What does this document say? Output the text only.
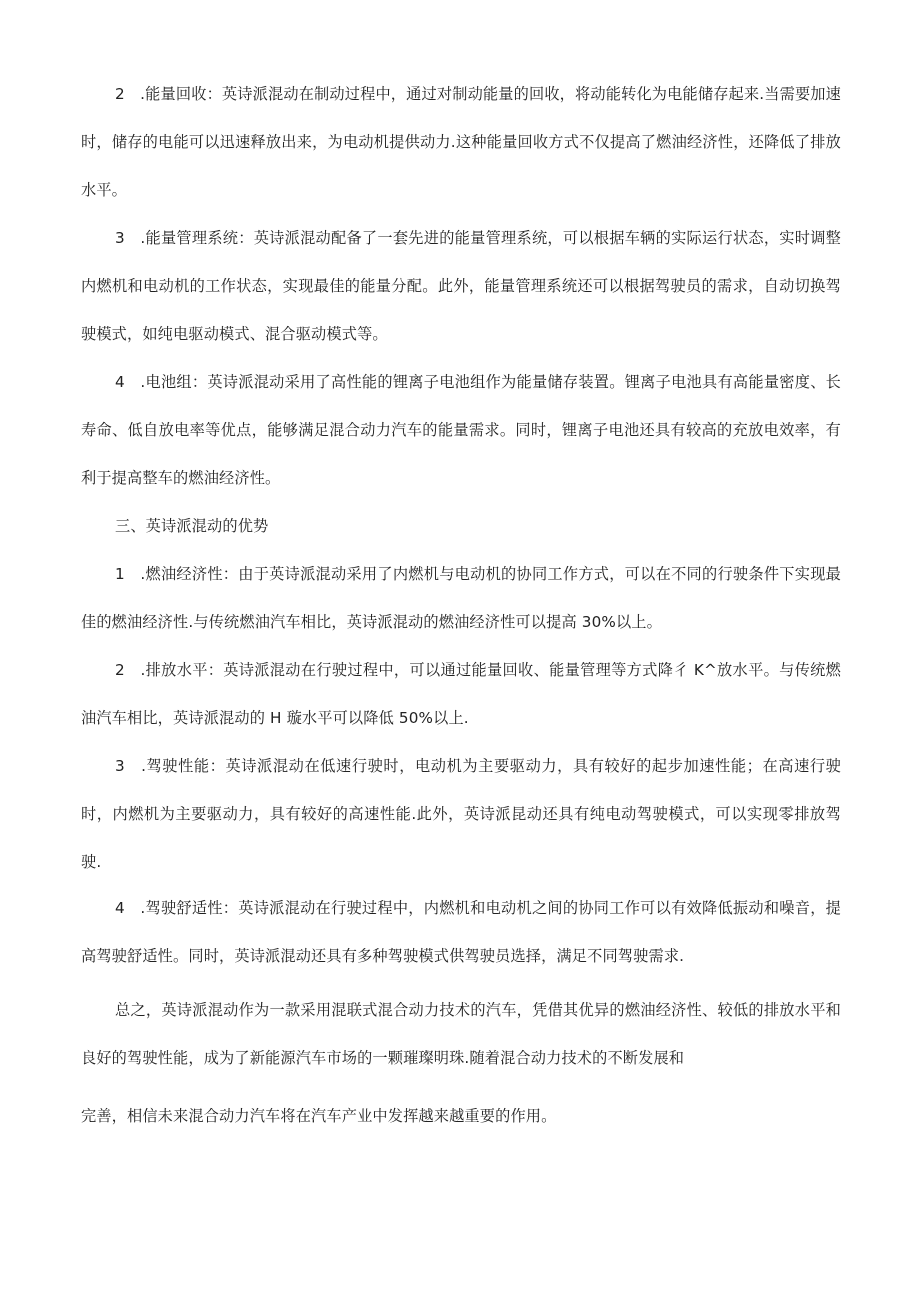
2　.能量回收：英诗派混动在制动过程中，通过对制动能量的回收，将动能转化为电能储存起来.当需要加速时，储存的电能可以迅速释放出来，为电动机提供动力.这种能量回收方式不仅提高了燃油经济性，还降低了排放水平。

3　.能量管理系统：英诗派混动配备了一套先进的能量管理系统，可以根据车辆的实际运行状态，实时调整内燃机和电动机的工作状态，实现最佳的能量分配。此外，能量管理系统还可以根据驾驶员的需求，自动切换驾驶模式，如纯电驱动模式、混合驱动模式等。

4　.电池组：英诗派混动采用了高性能的锂离子电池组作为能量储存装置。锂离子电池具有高能量密度、长寿命、低自放电率等优点，能够满足混合动力汽车的能量需求。同时，锂离子电池还具有较高的充放电效率，有利于提高整车的燃油经济性。

三、英诗派混动的优势

1　.燃油经济性：由于英诗派混动采用了内燃机与电动机的协同工作方式，可以在不同的行驶条件下实现最佳的燃油经济性.与传统燃油汽车相比，英诗派混动的燃油经济性可以提高 30%以上。

2　.排放水平：英诗派混动在行驶过程中，可以通过能量回收、能量管理等方式降彳 K^放水平。与传统燃油汽车相比，英诗派混动的 H 璇水平可以降低 50%以上.

3　.驾驶性能：英诗派混动在低速行驶时，电动机为主要驱动力，具有较好的起步加速性能；在高速行驶时，内燃机为主要驱动力，具有较好的高速性能.此外，英诗派昆动还具有纯电动驾驶模式，可以实现零排放驾驶.

4　.驾驶舒适性：英诗派混动在行驶过程中，内燃机和电动机之间的协同工作可以有效降低振动和噪音，提高驾驶舒适性。同时，英诗派混动还具有多种驾驶模式供驾驶员选择，满足不同驾驶需求.

总之，英诗派混动作为一款采用混联式混合动力技术的汽车，凭借其优异的燃油经济性、较低的排放水平和良好的驾驶性能，成为了新能源汽车市场的一颗璀璨明珠.随着混合动力技术的不断发展和

完善，相信未来混合动力汽车将在汽车产业中发挥越来越重要的作用。
